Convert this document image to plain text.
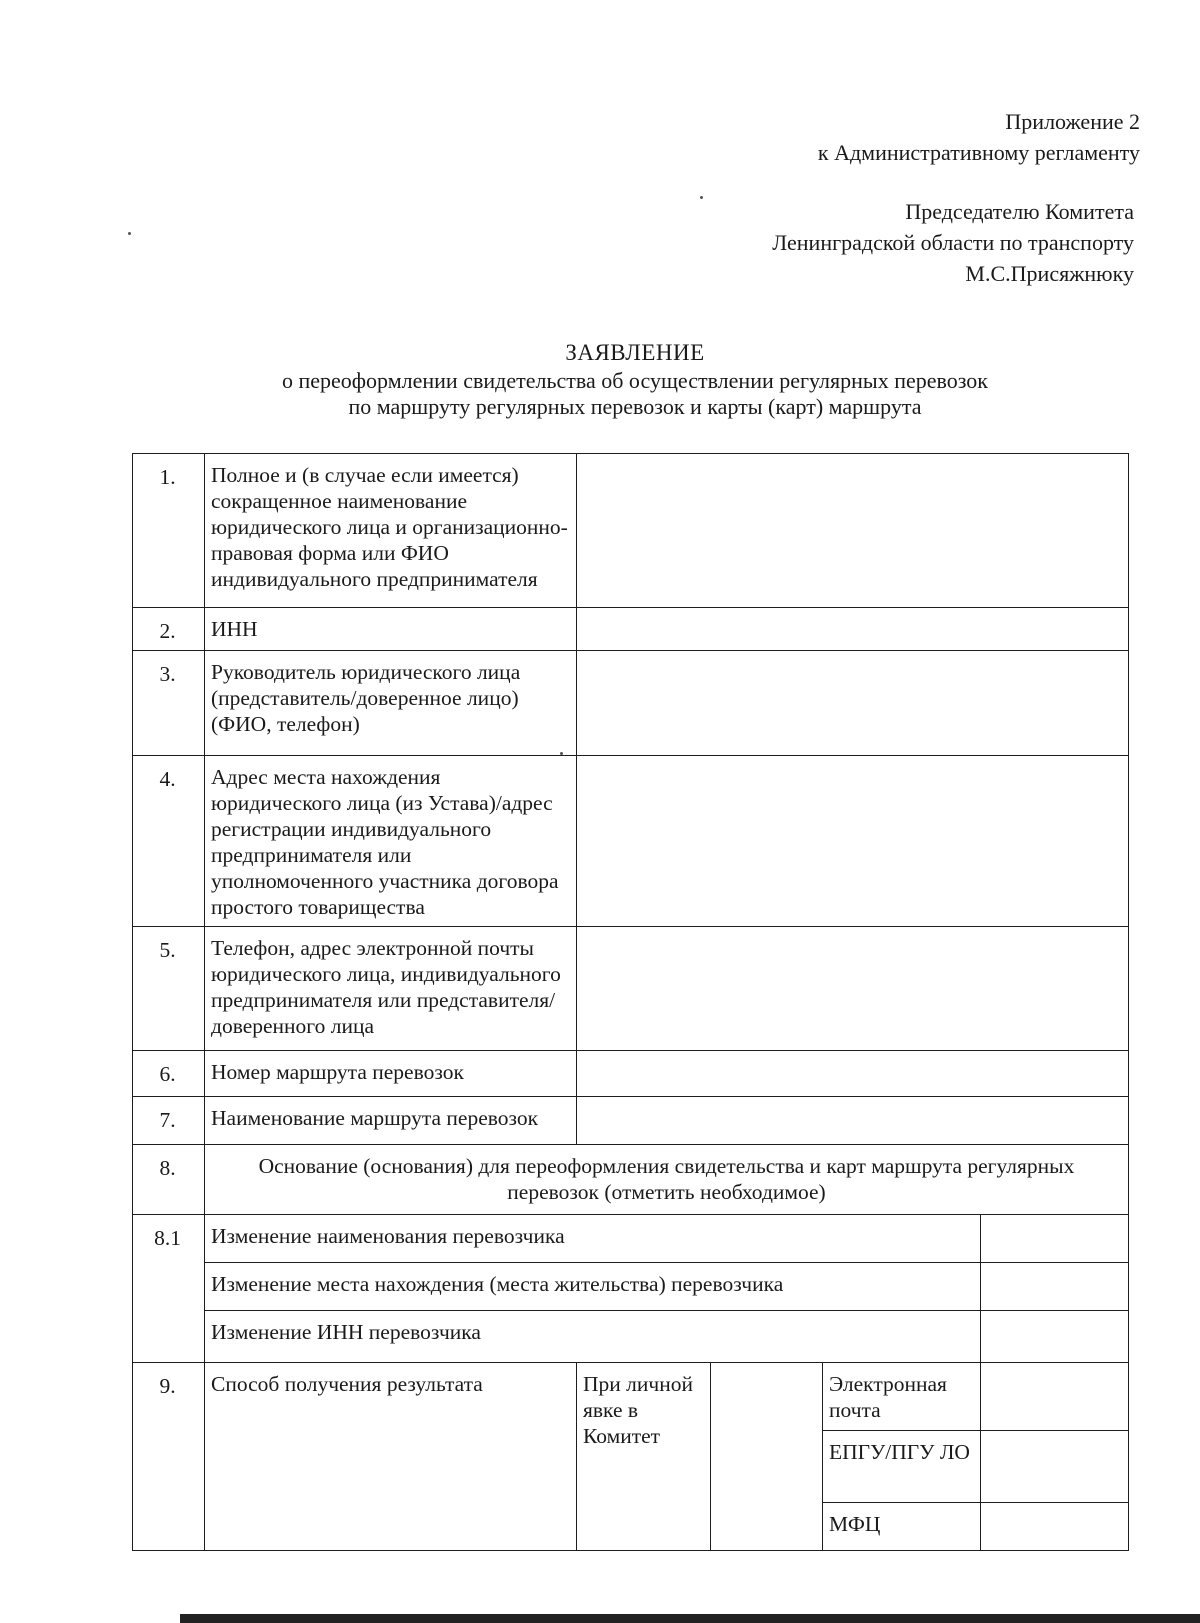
Приложение 2
к Административному регламенту
Председателю Комитета
Ленинградской области по транспорту
М.С.Присяжнюку
ЗАЯВЛЕНИЕ
о переоформлении свидетельства об осуществлении регулярных перевозок
по маршруту регулярных перевозок и карты (карт) маршрута
1.	Полное и (в случае если имеется) сокращенное наименование юридического лица и организационно-правовая форма или ФИО индивидуального предпринимателя				
2.	ИНН				
3.	Руководитель юридического лица (представитель/доверенное лицо) (ФИО, телефон)				
4.	Адрес места нахождения юридического лица (из Устава)/адрес регистрации индивидуального предпринимателя или уполномоченного участника договора простого товарищества				
5.	Телефон, адрес электронной почты юридического лица, индивидуального предпринимателя или представителя/доверенного лица				
6.	Номер маршрута перевозок				
7.	Наименование маршрута перевозок				
8.	Основание (основания) для переоформления свидетельства и карт маршрута регулярных перевозок (отметить необходимое)				
8.1	Изменение наименования перевозчика				
	Изменение места нахождения (места жительства) перевозчика				
	Изменение ИНН перевозчика				
9.	Способ получения результата	При личной явке в Комитет		Электронная почта	
				ЕПГУ/ПГУ ЛО	
				МФЦ	
